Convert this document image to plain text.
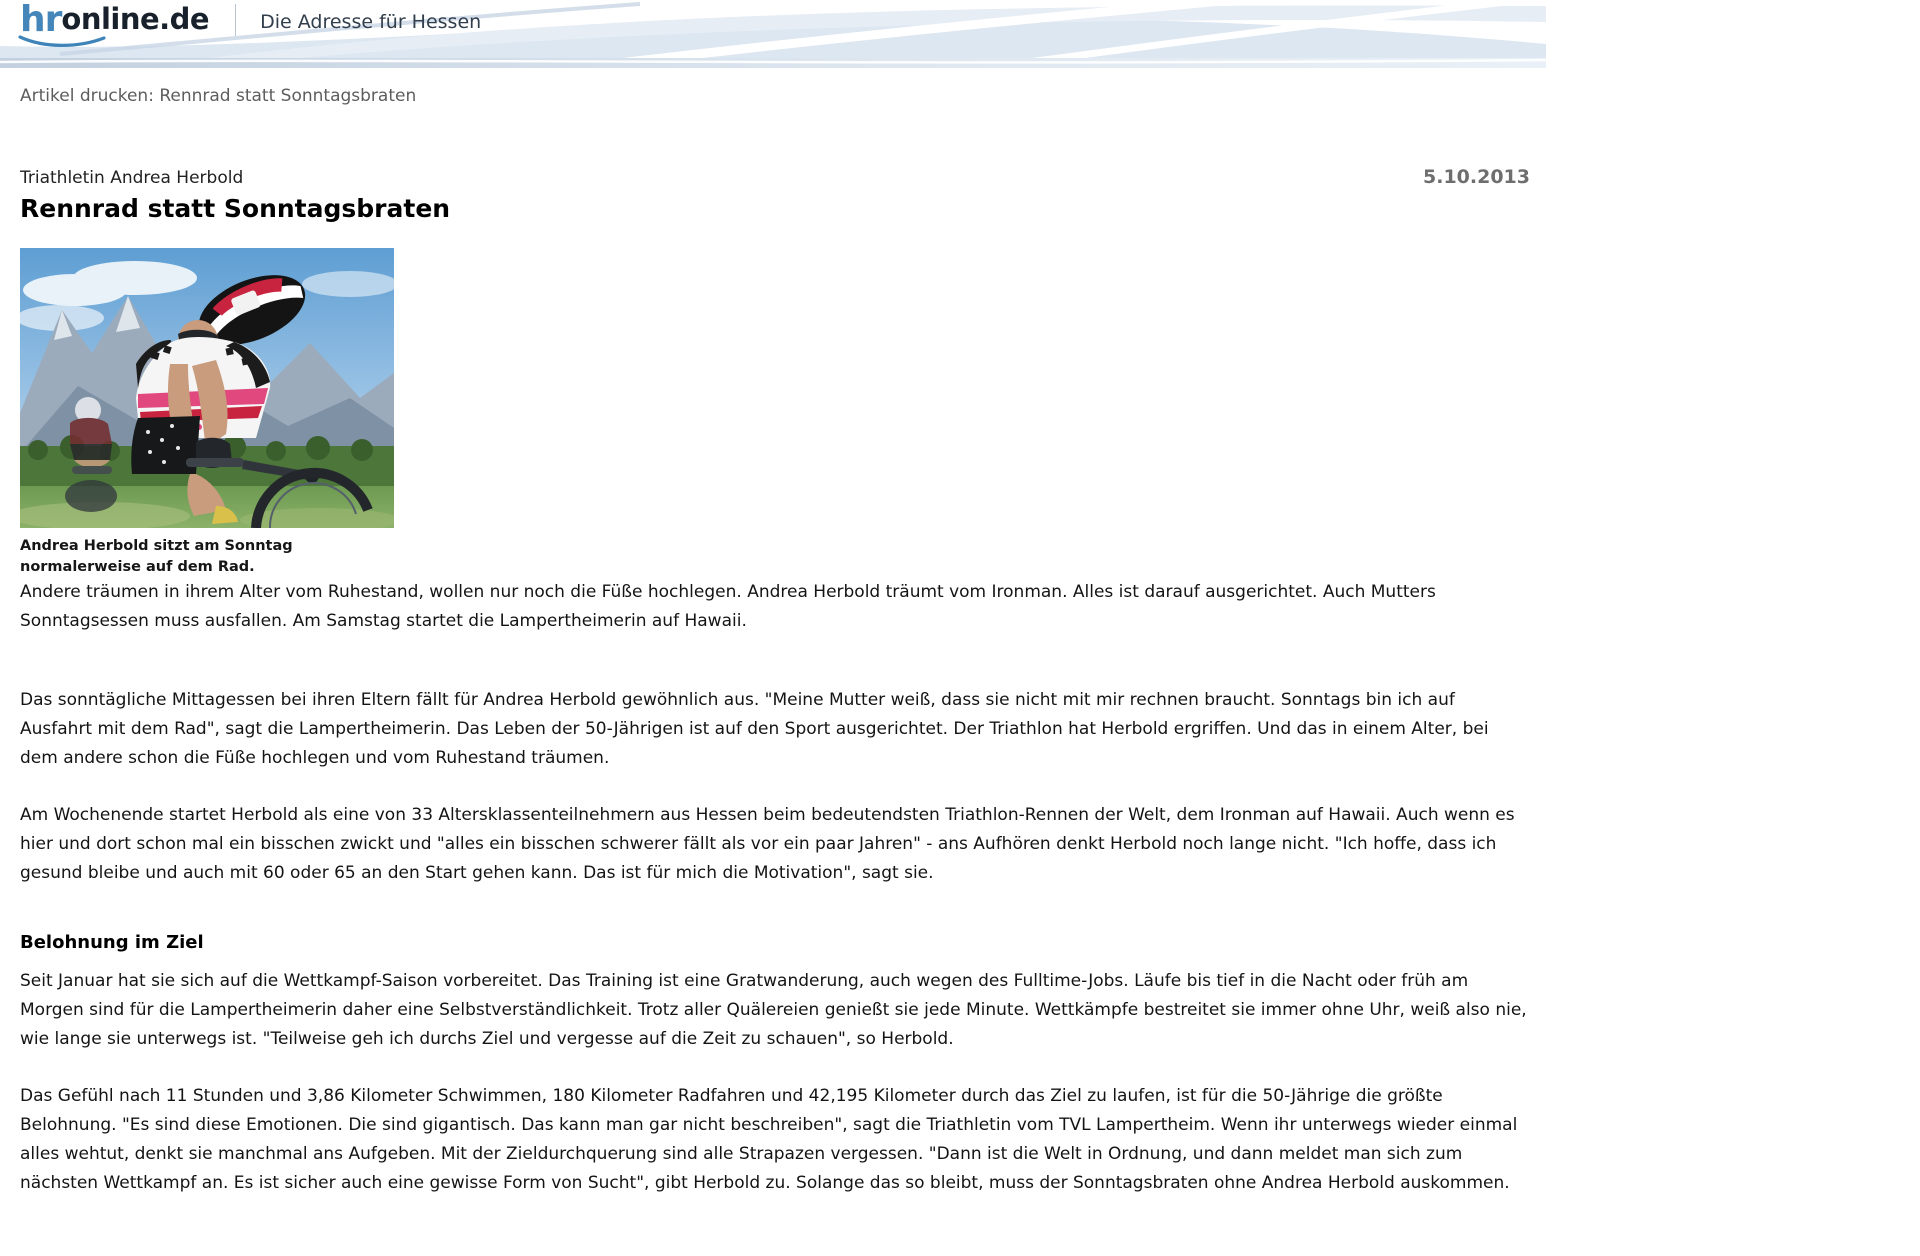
hr online.de	Die Adresse für Hessen
Artikel drucken: Rennrad statt Sonntagsbraten
Triathletin Andrea Herbold	5.10.2013
Rennrad statt Sonntagsbraten
Andrea Herbold sitzt am Sonntag normalerweise auf dem Rad.

Andere träumen in ihrem Alter vom Ruhestand, wollen nur noch die Füße hochlegen. Andrea Herbold träumt vom Ironman. Alles ist darauf ausgerichtet. Auch Mutters Sonntagsessen muss ausfallen. Am Samstag startet die Lampertheimerin auf Hawaii.

Das sonntägliche Mittagessen bei ihren Eltern fällt für Andrea Herbold gewöhnlich aus. "Meine Mutter weiß, dass sie nicht mit mir rechnen braucht. Sonntags bin ich auf Ausfahrt mit dem Rad", sagt die Lampertheimerin. Das Leben der 50-Jährigen ist auf den Sport ausgerichtet. Der Triathlon hat Herbold ergriffen. Und das in einem Alter, bei dem andere schon die Füße hochlegen und vom Ruhestand träumen.

Am Wochenende startet Herbold als eine von 33 Altersklassenteilnehmern aus Hessen beim bedeutendsten Triathlon-Rennen der Welt, dem Ironman auf Hawaii. Auch wenn es hier und dort schon mal ein bisschen zwickt und "alles ein bisschen schwerer fällt als vor ein paar Jahren" - ans Aufhören denkt Herbold noch lange nicht. "Ich hoffe, dass ich gesund bleibe und auch mit 60 oder 65 an den Start gehen kann. Das ist für mich die Motivation", sagt sie.

Belohnung im Ziel

Seit Januar hat sie sich auf die Wettkampf-Saison vorbereitet. Das Training ist eine Gratwanderung, auch wegen des Fulltime-Jobs. Läufe bis tief in die Nacht oder früh am Morgen sind für die Lampertheimerin daher eine Selbstverständlichkeit. Trotz aller Quälereien genießt sie jede Minute. Wettkämpfe bestreitet sie immer ohne Uhr, weiß also nie, wie lange sie unterwegs ist. "Teilweise geh ich durchs Ziel und vergesse auf die Zeit zu schauen", so Herbold.

Das Gefühl nach 11 Stunden und 3,86 Kilometer Schwimmen, 180 Kilometer Radfahren und 42,195 Kilometer durch das Ziel zu laufen, ist für die 50-Jährige die größte Belohnung. "Es sind diese Emotionen. Die sind gigantisch. Das kann man gar nicht beschreiben", sagt die Triathletin vom TVL Lampertheim. Wenn ihr unterwegs wieder einmal alles wehtut, denkt sie manchmal ans Aufgeben. Mit der Zieldurchquerung sind alle Strapazen vergessen. "Dann ist die Welt in Ordnung, und dann meldet man sich zum nächsten Wettkampf an. Es ist sicher auch eine gewisse Form von Sucht", gibt Herbold zu. Solange das so bleibt, muss der Sonntagsbraten ohne Andrea Herbold auskommen.
